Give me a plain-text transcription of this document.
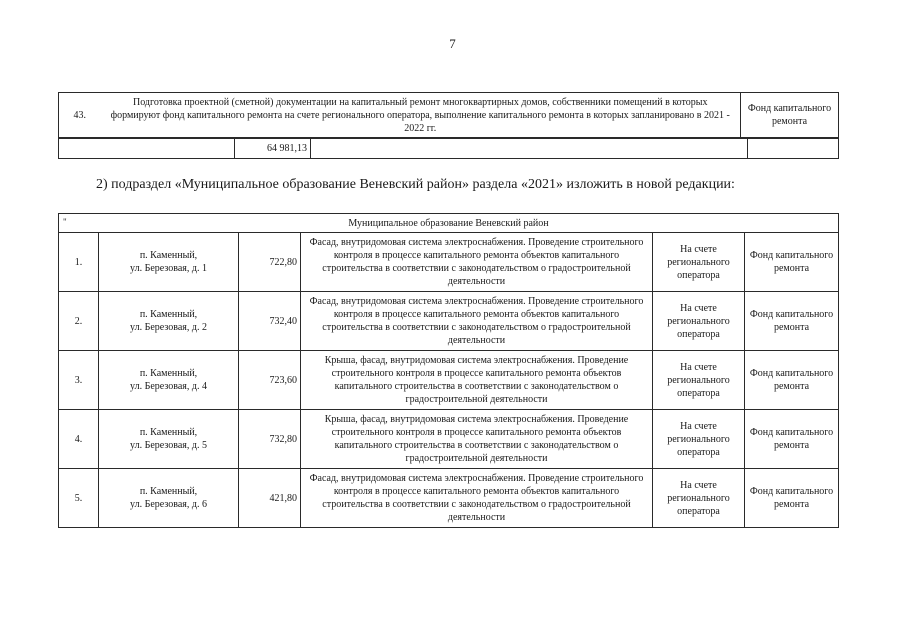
7
43.	Подготовка проектной (сметной) документации на капитальный ремонт многоквартирных домов, собственники помещений в которых формируют фонд капитального ремонта на счете регионального оператора, выполнение капитального ремонта в которых запланировано в 2021 - 2022 гг.	Фонд капитального ремонта
	64 981,13		
2) подраздел «Муниципальное образование Веневский район» раздела «2021» изложить в новой редакции:
" Муниципальное образование Веневский район					
1.	п. Каменный,
ул. Березовая, д. 1	722,80	Фасад, внутридомовая система электроснабжения. Проведение строительного контроля в процессе капитального ремонта объектов капитального строительства в соответствии с законодательством о градостроительной деятельности	На счете регионального оператора	Фонд капитального ремонта
2.	п. Каменный,
ул. Березовая, д. 2	732,40	Фасад, внутридомовая система электроснабжения. Проведение строительного контроля в процессе капитального ремонта объектов капитального строительства в соответствии с законодательством о градостроительной деятельности	На счете регионального оператора	Фонд капитального ремонта
3.	п. Каменный,
ул. Березовая, д. 4	723,60	Крыша, фасад, внутридомовая система электроснабжения. Проведение строительного контроля в процессе капитального ремонта объектов капитального строительства в соответствии с законодательством о градостроительной деятельности	На счете регионального оператора	Фонд капитального ремонта
4.	п. Каменный,
ул. Березовая, д. 5	732,80	Крыша, фасад, внутридомовая система электроснабжения. Проведение строительного контроля в процессе капитального ремонта объектов капитального строительства в соответствии с законодательством о градостроительной деятельности	На счете регионального оператора	Фонд капитального ремонта
5.	п. Каменный,
ул. Березовая, д. 6	421,80	Фасад, внутридомовая система электроснабжения. Проведение строительного контроля в процессе капитального ремонта объектов капитального строительства в соответствии с законодательством о градостроительной деятельности	На счете регионального оператора	Фонд капитального ремонта
